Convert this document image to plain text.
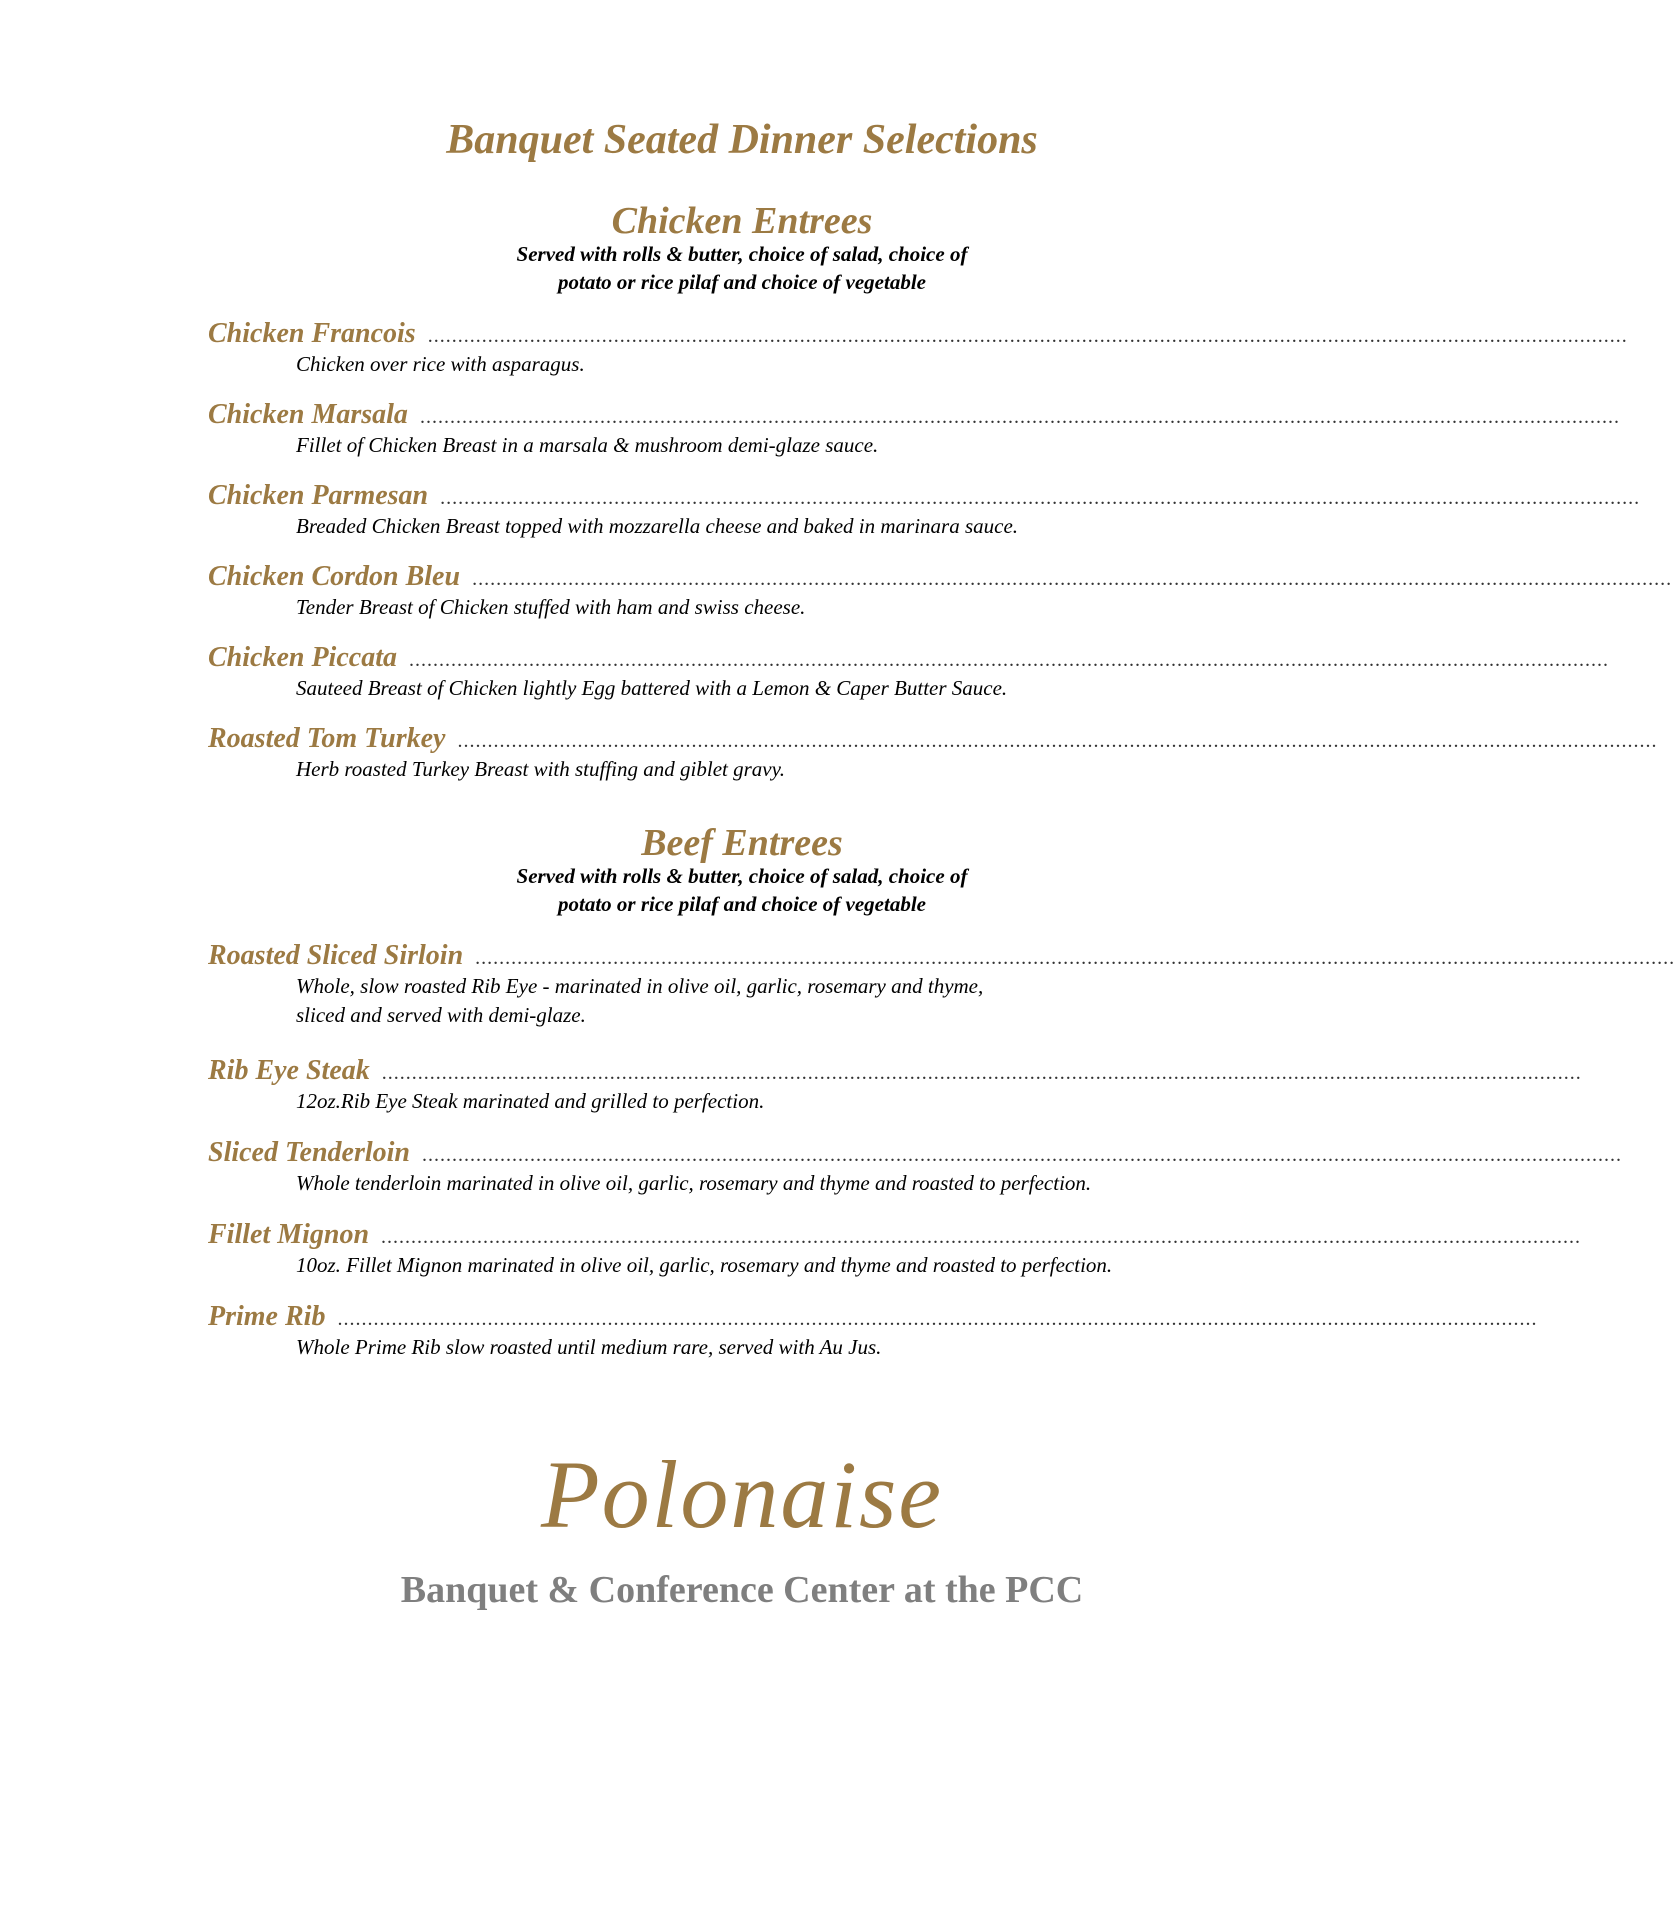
Banquet Seated Dinner Selections
Chicken Entrees
Served with rolls & butter, choice of salad, choice of
potato or rice pilaf and choice of vegetable
Chicken Francois ........................................................................................................................................................................................................
Chicken over rice with asparagus.
Chicken Marsala ........................................................................................................................................................................................................
Fillet of Chicken Breast in a marsala & mushroom demi-glaze sauce.
Chicken Parmesan ........................................................................................................................................................................................................
Breaded Chicken Breast topped with mozzarella cheese and baked in marinara sauce.
Chicken Cordon Bleu ........................................................................................................................................................................................................
Tender Breast of Chicken stuffed with ham and swiss cheese.
Chicken Piccata ........................................................................................................................................................................................................
Sauteed Breast of Chicken lightly Egg battered with a Lemon & Caper Butter Sauce.
Roasted Tom Turkey ........................................................................................................................................................................................................
Herb roasted Turkey Breast with stuffing and giblet gravy.
Beef Entrees
Served with rolls & butter, choice of salad, choice of
potato or rice pilaf and choice of vegetable
Roasted Sliced Sirloin ........................................................................................................................................................................................................
Whole, slow roasted Rib Eye - marinated in olive oil, garlic, rosemary and thyme,
sliced and served with demi-glaze.
Rib Eye Steak ........................................................................................................................................................................................................
12oz.Rib Eye Steak marinated and grilled to perfection.
Sliced Tenderloin ........................................................................................................................................................................................................
Whole tenderloin marinated in olive oil, garlic, rosemary and thyme and roasted to perfection.
Fillet Mignon ........................................................................................................................................................................................................
10oz. Fillet Mignon marinated in olive oil, garlic, rosemary and thyme and roasted to perfection.
Prime Rib ........................................................................................................................................................................................................
Whole Prime Rib slow roasted until medium rare, served with Au Jus.
Polonaise
Banquet & Conference Center at the PCC
